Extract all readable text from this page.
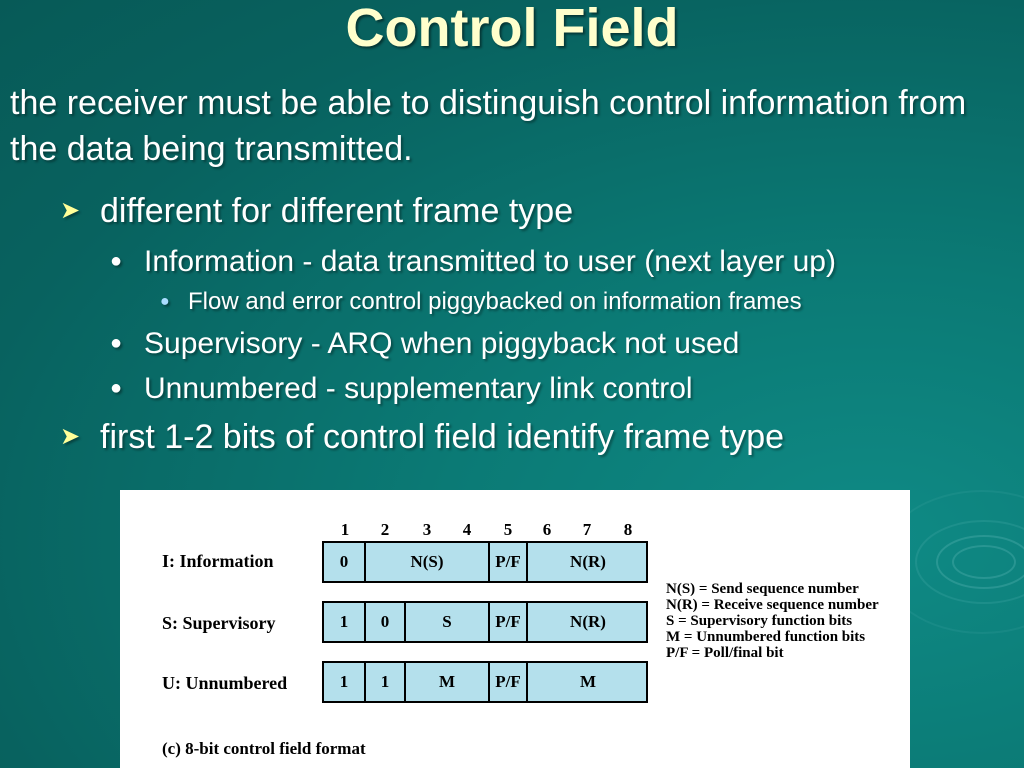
Control Field
the receiver must be able to distinguish control information from the data being transmitted.
➤ different for different frame type
● Information - data transmitted to user (next layer up)
● Flow and error control piggybacked on information frames
● Supervisory - ARQ when piggyback not used
● Unnumbered - supplementary link control
➤ first 1-2 bits of control field identify frame type
1	2	3	4	5	6	7	8
I: Information	0	N(S)	P/F	N(R)
S: Supervisory	1	0	S	P/F	N(R)
U: Unnumbered	1	1	M	P/F	M
N(S) = Send sequence number
N(R) = Receive sequence number
S = Supervisory function bits
M = Unnumbered function bits
P/F = Poll/final bit
(c) 8-bit control field format
